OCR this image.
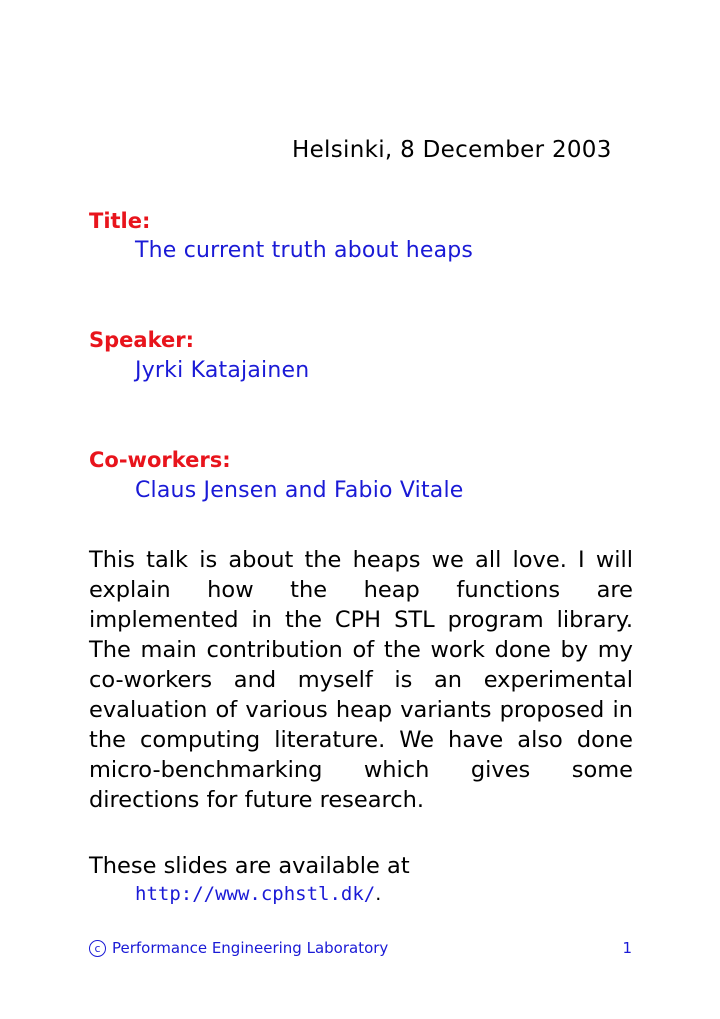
Helsinki, 8 December 2003
Title:
The current truth about heaps
Speaker:
Jyrki Katajainen
Co-workers:
Claus Jensen and Fabio Vitale

This talk is about the heaps we all love. I will explain how the heap functions are implemented in the CPH STL program library. The main contribution of the work done by my co-workers and myself is an experimental evaluation of various heap variants proposed in the computing literature. We have also done micro-benchmarking which gives some directions for future research.

These slides are available at
http://www.cphstl.dk/.
c Performance Engineering Laboratory	1
